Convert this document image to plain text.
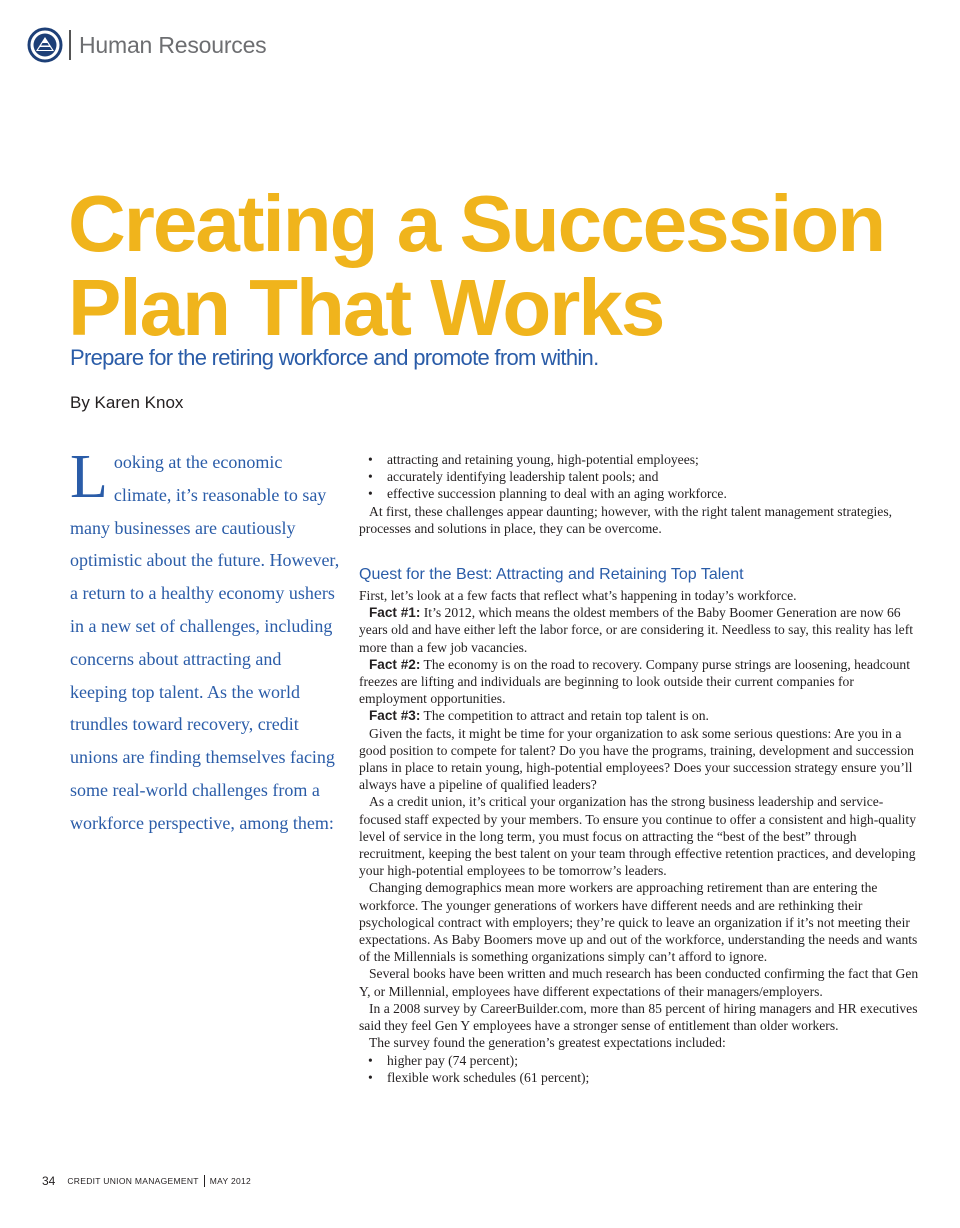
Human Resources
Creating a Succession Plan That Works
Prepare for the retiring workforce and promote from within.
By Karen Knox
Looking at the economic climate, it’s reasonable to say many businesses are cautiously optimistic about the future. However, a return to a healthy economy ushers in a new set of challenges, including concerns about attracting and keeping top talent. As the world trundles toward recovery, credit unions are finding themselves facing some real-world challenges from a workforce perspective, among them:
• attracting and retaining young, high-potential employees;
• accurately identifying leadership talent pools; and
• effective succession planning to deal with an aging workforce.

At first, these challenges appear daunting; however, with the right talent management strategies, processes and solutions in place, they can be overcome.

Quest for the Best: Attracting and Retaining Top Talent

First, let’s look at a few facts that reflect what’s happening in today’s workforce.

Fact #1: It’s 2012, which means the oldest members of the Baby Boomer Generation are now 66 years old and have either left the labor force, or are considering it. Needless to say, this reality has left more than a few job vacancies.

Fact #2: The economy is on the road to recovery. Company purse strings are loosening, headcount freezes are lifting and individuals are beginning to look outside their current companies for employment opportunities.

Fact #3: The competition to attract and retain top talent is on.

Given the facts, it might be time for your organization to ask some serious questions: Are you in a good position to compete for talent? Do you have the programs, training, development and succession plans in place to retain young, high-potential employees? Does your succession strategy ensure you’ll always have a pipeline of qualified leaders?

As a credit union, it’s critical your organization has the strong business leadership and service-focused staff expected by your members. To ensure you continue to offer a consistent and high-quality level of service in the long term, you must focus on attracting the “best of the best” through recruitment, keeping the best talent on your team through effective retention practices, and developing your high-potential employees to be tomorrow’s leaders.

Changing demographics mean more workers are approaching retirement than are entering the workforce. The younger generations of workers have different needs and are rethinking their psychological contract with employers; they’re quick to leave an organization if it’s not meeting their expectations. As Baby Boomers move up and out of the workforce, understanding the needs and wants of the Millennials is something organizations simply can’t afford to ignore.

Several books have been written and much research has been conducted confirming the fact that Gen Y, or Millennial, employees have different expectations of their managers/employers.

In a 2008 survey by CareerBuilder.com, more than 85 percent of hiring managers and HR executives said they feel Gen Y employees have a stronger sense of entitlement than older workers.

The survey found the generation’s greatest expectations included:

• higher pay (74 percent);
• flexible work schedules (61 percent);
34 CREDIT UNION MANAGEMENT MAY 2012
